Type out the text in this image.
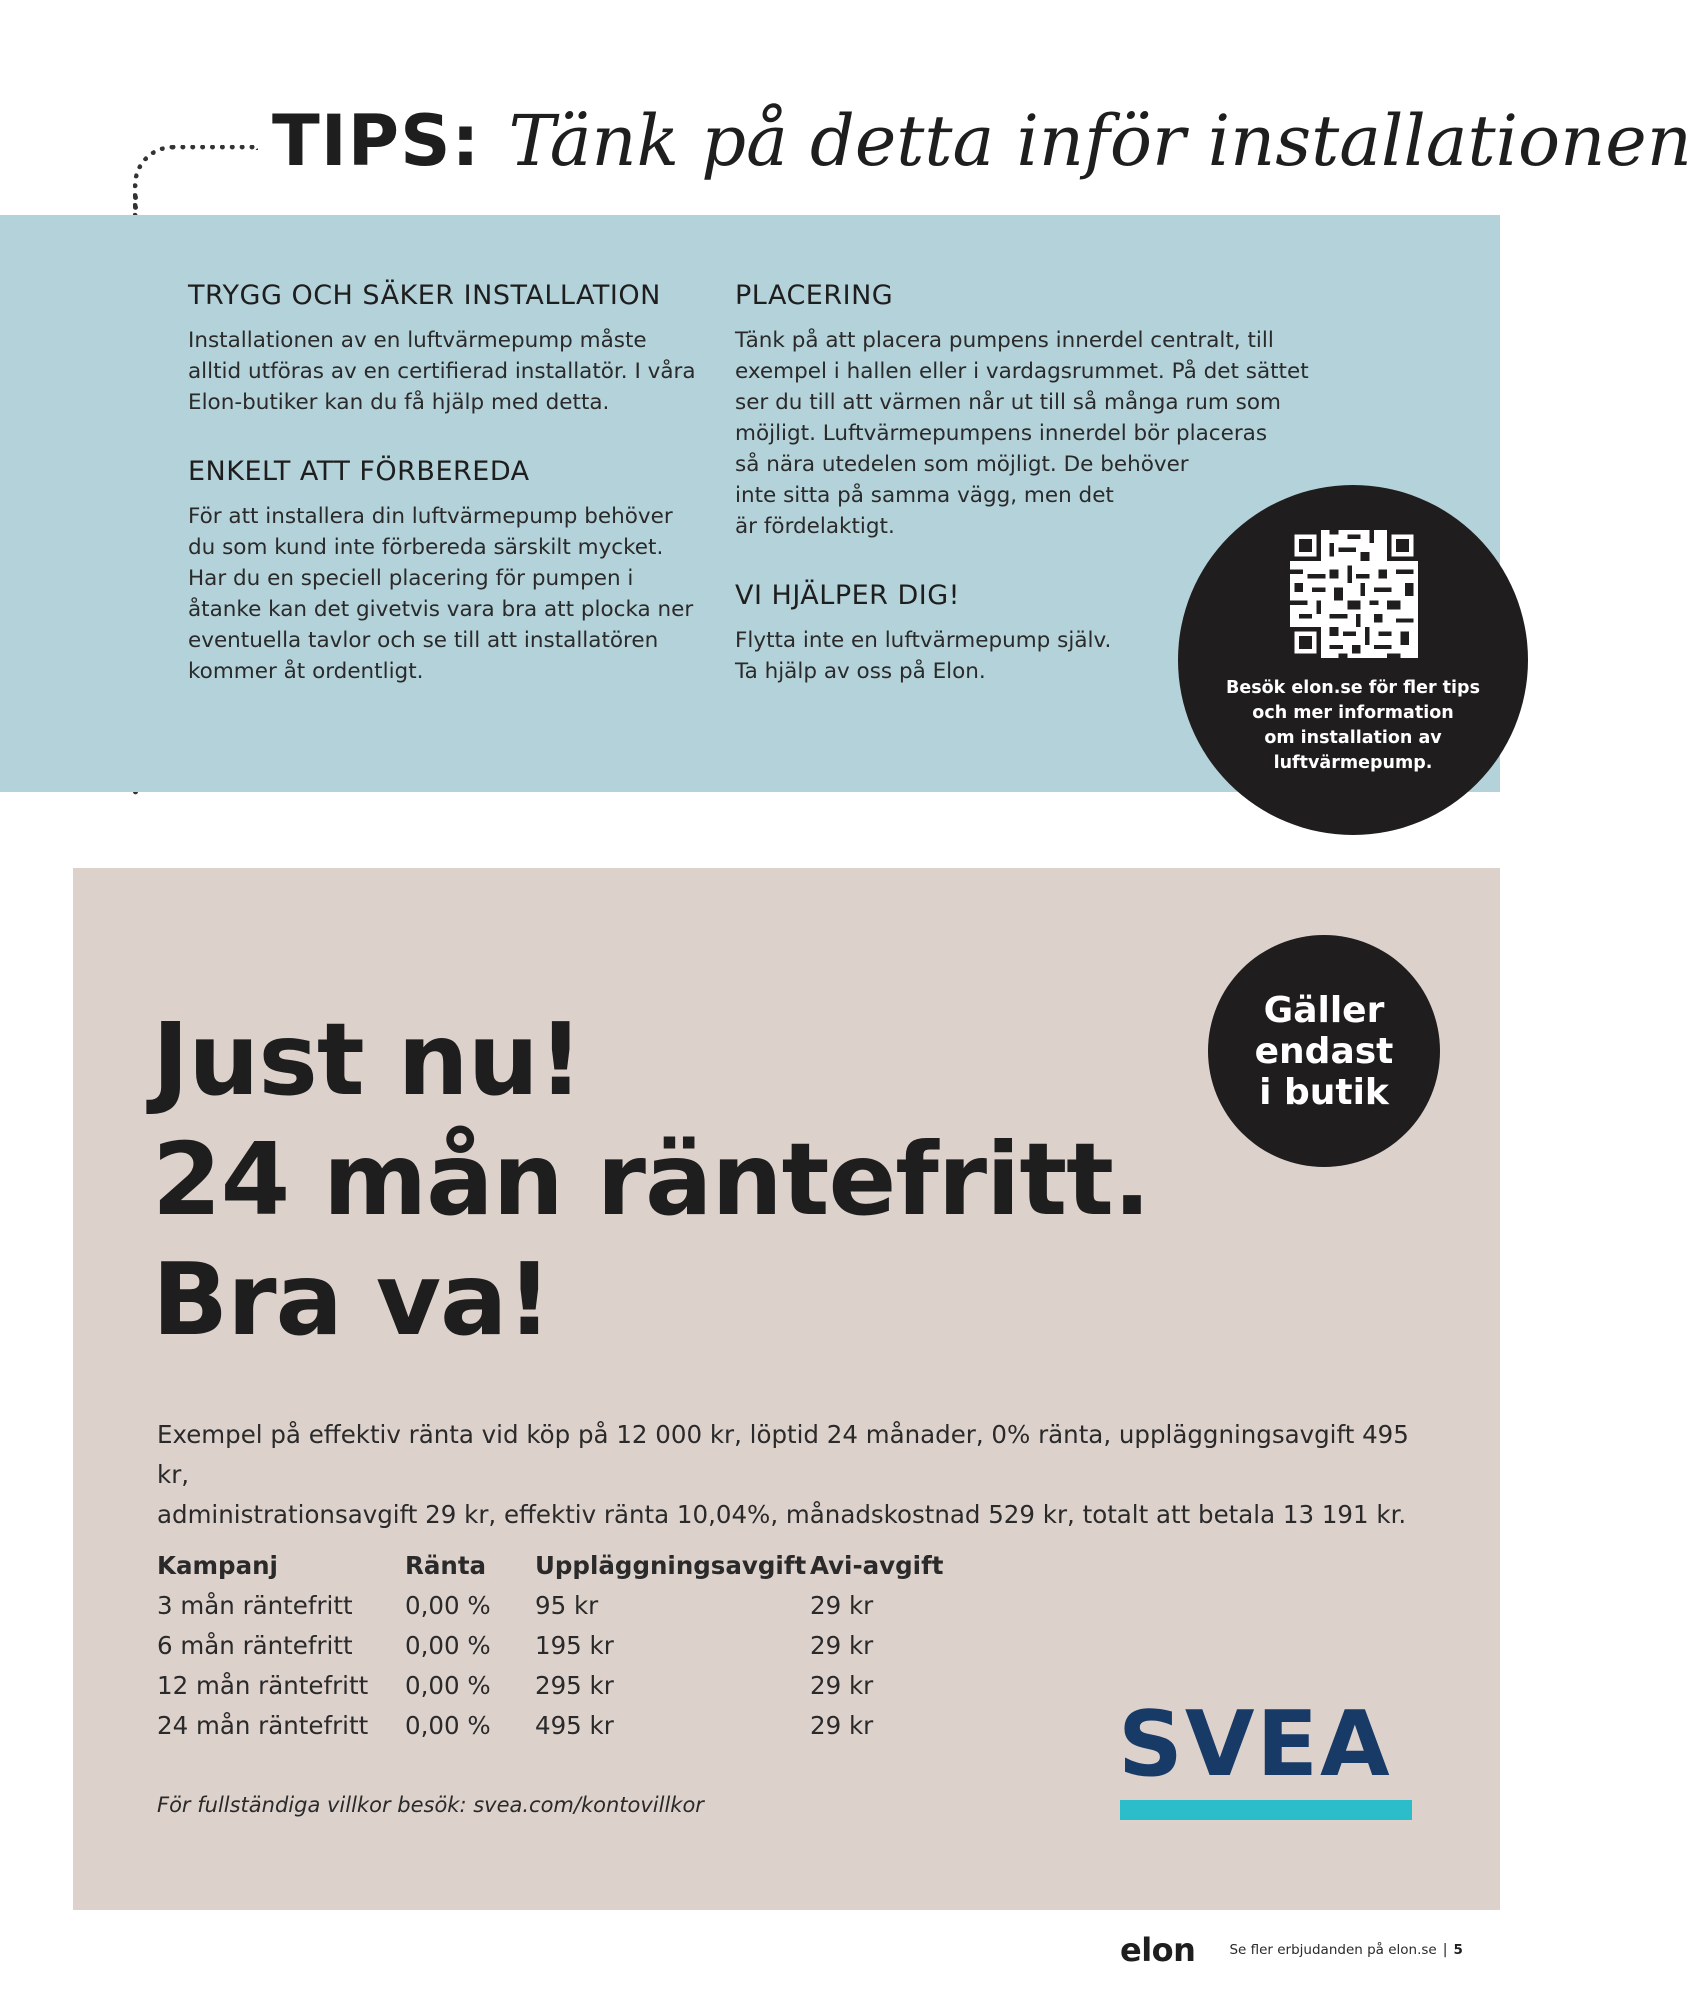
TIPS: Tänk på detta inför installationen
TRYGG OCH SÄKER INSTALLATION

Installationen av en luftvärmepump måste
alltid utföras av en certifierad installatör. I våra
Elon-butiker kan du få hjälp med detta.

ENKELT ATT FÖRBEREDA

För att installera din luftvärmepump behöver
du som kund inte förbereda särskilt mycket.
Har du en speciell placering för pumpen i
åtanke kan det givetvis vara bra att plocka ner
eventuella tavlor och se till att installatören
kommer åt ordentligt.

PLACERING

Tänk på att placera pumpens innerdel centralt, till
exempel i hallen eller i vardagsrummet. På det sättet
ser du till att värmen når ut till så många rum som
möjligt. Luftvärmepumpens innerdel bör placeras
så nära utedelen som möjligt. De behöver
inte sitta på samma vägg, men det
är fördelaktigt.

VI HJÄLPER DIG!

Flytta inte en luftvärmepump själv.
Ta hjälp av oss på Elon.

Besök elon.se för fler tips
och mer information
om installation av
luftvärmepump.
Gäller
endast
i butik
Just nu!
24 mån räntefritt.
Bra va!
Exempel på effektiv ränta vid köp på 12 000 kr, löptid 24 månader, 0% ränta, uppläggningsavgift 495 kr,
administrationsavgift 29 kr, effektiv ränta 10,04%, månadskostnad 529 kr, totalt att betala 13 191 kr.
Kampanj	Ränta	Uppläggningsavgift	Avi-avgift
3 mån räntefritt	0,00 %	95 kr	29 kr
6 mån räntefritt	0,00 %	195 kr	29 kr
12 mån räntefritt	0,00 %	295 kr	29 kr
24 mån räntefritt	0,00 %	495 kr	29 kr
För fullständiga villkor besök: svea.com/kontovillkor
SVEA
elon	Se fler erbjudanden på elon.se | 5
